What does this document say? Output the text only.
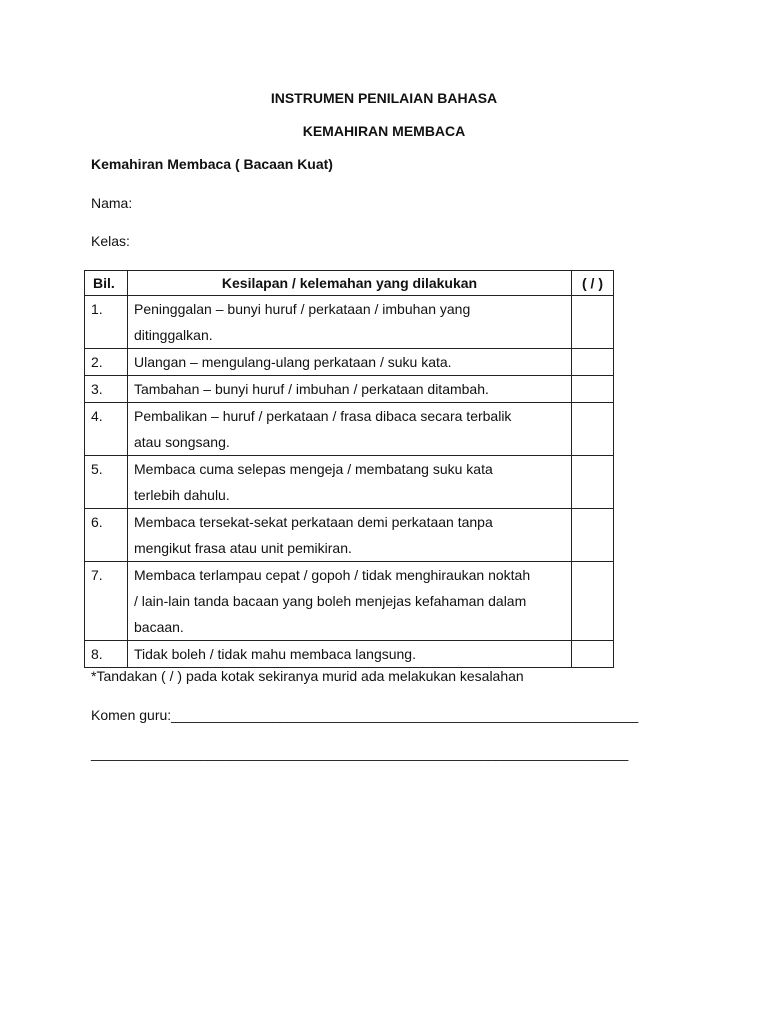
INSTRUMEN PENILAIAN BAHASA
KEMAHIRAN MEMBACA
Kemahiran Membaca ( Bacaan Kuat)
Nama:
Kelas:
Bil.	Kesilapan / kelemahan yang dilakukan	( / )
1.	Peninggalan – bunyi huruf / perkataan / imbuhan yang
ditinggalkan.	

2.	Ulangan – mengulang-ulang perkataan / suku kata.	

3.	Tambahan – bunyi huruf / imbuhan / perkataan ditambah.	

4.	Pembalikan – huruf / perkataan / frasa dibaca secara terbalik
atau songsang.	

5.	Membaca cuma selepas mengeja / membatang suku kata
terlebih dahulu.	

6.	Membaca tersekat-sekat perkataan demi perkataan tanpa
mengikut frasa atau unit pemikiran.	

7.	Membaca terlampau cepat / gopoh / tidak menghiraukan noktah
/ lain-lain tanda bacaan yang boleh menjejas kefahaman dalam
bacaan.	

8.	Tidak boleh / tidak mahu membaca langsung.	

*Tandakan ( / ) pada kotak sekiranya murid ada melakukan kesalahan
Komen guru:____________________________________________________________
_____________________________________________________________________
